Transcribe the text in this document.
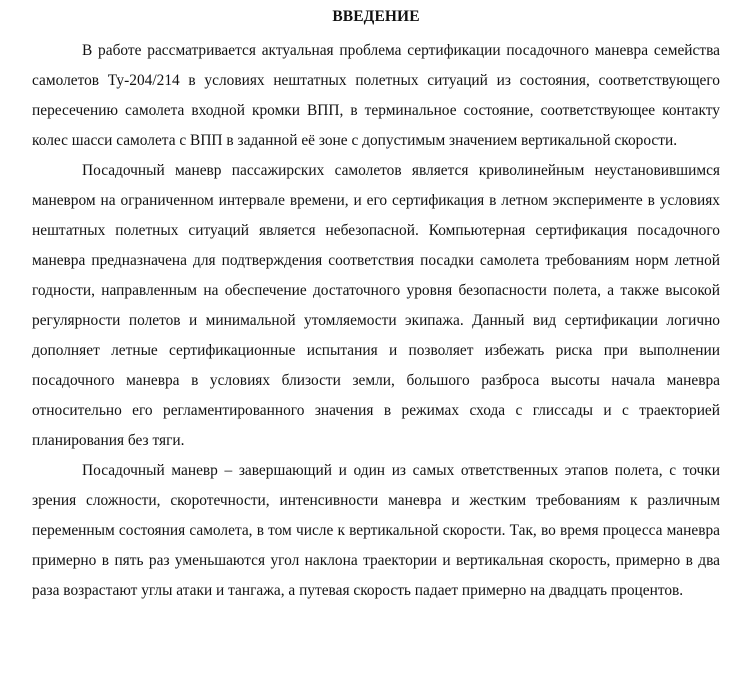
ВВЕДЕНИЕ

В работе рассматривается актуальная проблема сертификации посадочного маневра семейства самолетов Ту-204/214 в условиях нештатных полетных ситуаций из состояния, соответствующего пересечению самолета входной кромки ВПП, в терминальное состояние, соответствующее контакту колес шасси самолета с ВПП в заданной её зоне с допустимым значением вертикальной скорости.

Посадочный маневр пассажирских самолетов является криволинейным неустановившимся маневром на ограниченном интервале времени, и его сертификация в летном эксперименте в условиях нештатных полетных ситуаций является небезопасной. Компьютерная сертификация посадочного маневра предназначена для подтверждения соответствия посадки самолета требованиям норм летной годности, направленным на обеспечение достаточного уровня безопасности полета, а также высокой регулярности полетов и минимальной утомляемости экипажа. Данный вид сертификации логично дополняет летные сертификационные испытания и позволяет избежать риска при выполнении посадочного маневра в условиях близости земли, большого разброса высоты начала маневра относительно его регламентированного значения в режимах схода с глиссады и с траекторией планирования без тяги.

Посадочный маневр – завершающий и один из самых ответственных этапов полета, с точки зрения сложности, скоротечности, интенсивности маневра и жестким требованиям к различным переменным состояния самолета, в том числе к вертикальной скорости. Так, во время процесса маневра примерно в пять раз уменьшаются угол наклона траектории и вертикальная скорость, примерно в два раза возрастают углы атаки и тангажа, а путевая скорость падает примерно на двадцать процентов.
